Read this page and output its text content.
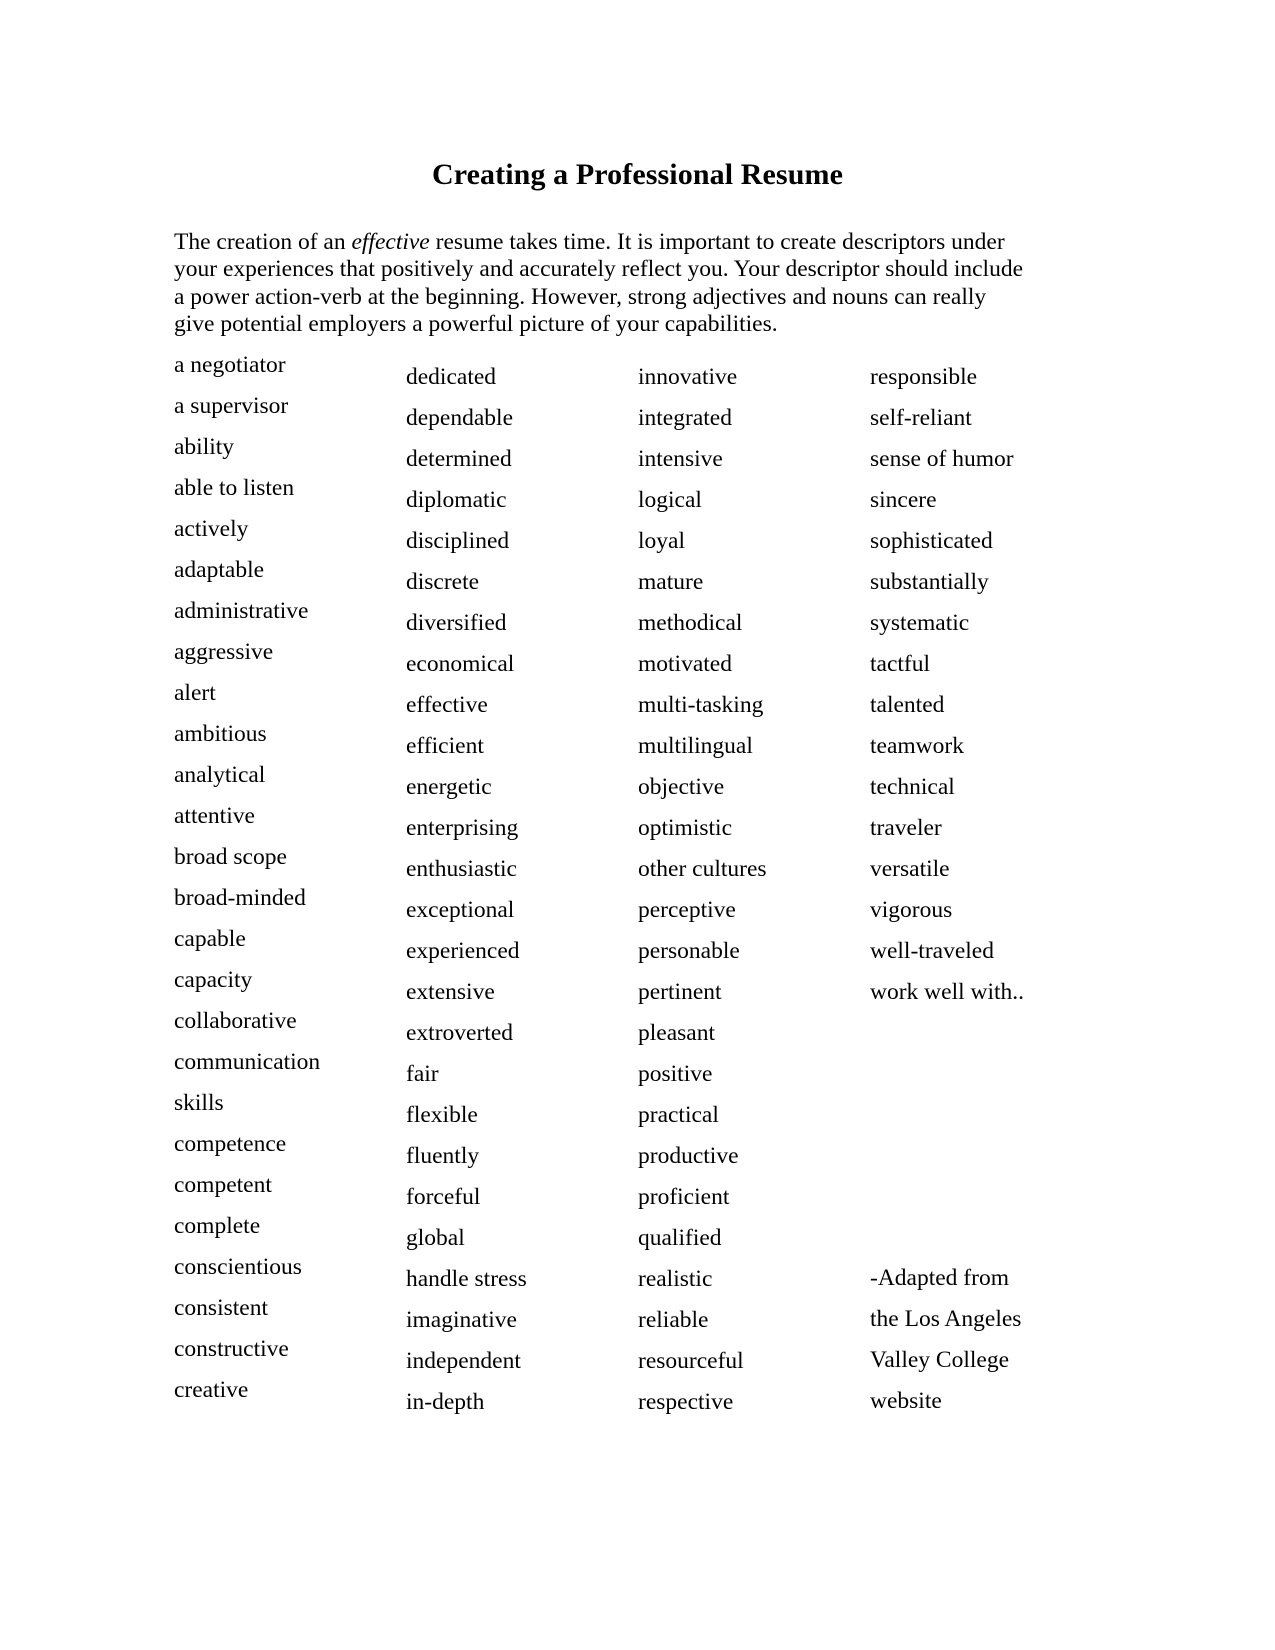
Creating a Professional Resume

The creation of an effective resume takes time. It is important to create descriptors under your experiences that positively and accurately reflect you. Your descriptor should include a power action-verb at the beginning. However, strong adjectives and nouns can really give potential employers a powerful picture of your capabilities.

a negotiator
a supervisor
ability
able to listen
actively
adaptable
administrative
aggressive
alert
ambitious
analytical
attentive
broad scope
broad-minded
capable
capacity
collaborative
communication
skills
competence
competent
complete
conscientious
consistent
constructive
creative
dedicated
dependable
determined
diplomatic
disciplined
discrete
diversified
economical
effective
efficient
energetic
enterprising
enthusiastic
exceptional
experienced
extensive
extroverted
fair
flexible
fluently
forceful
global
handle stress
imaginative
independent
in-depth
innovative
integrated
intensive
logical
loyal
mature
methodical
motivated
multi-tasking
multilingual
objective
optimistic
other cultures
perceptive
personable
pertinent
pleasant
positive
practical
productive
proficient
qualified
realistic
reliable
resourceful
respective
responsible
self-reliant
sense of humor
sincere
sophisticated
substantially
systematic
tactful
talented
teamwork
technical
traveler
versatile
vigorous
well-traveled
work well with..
-Adapted from
the Los Angeles
Valley College
website
